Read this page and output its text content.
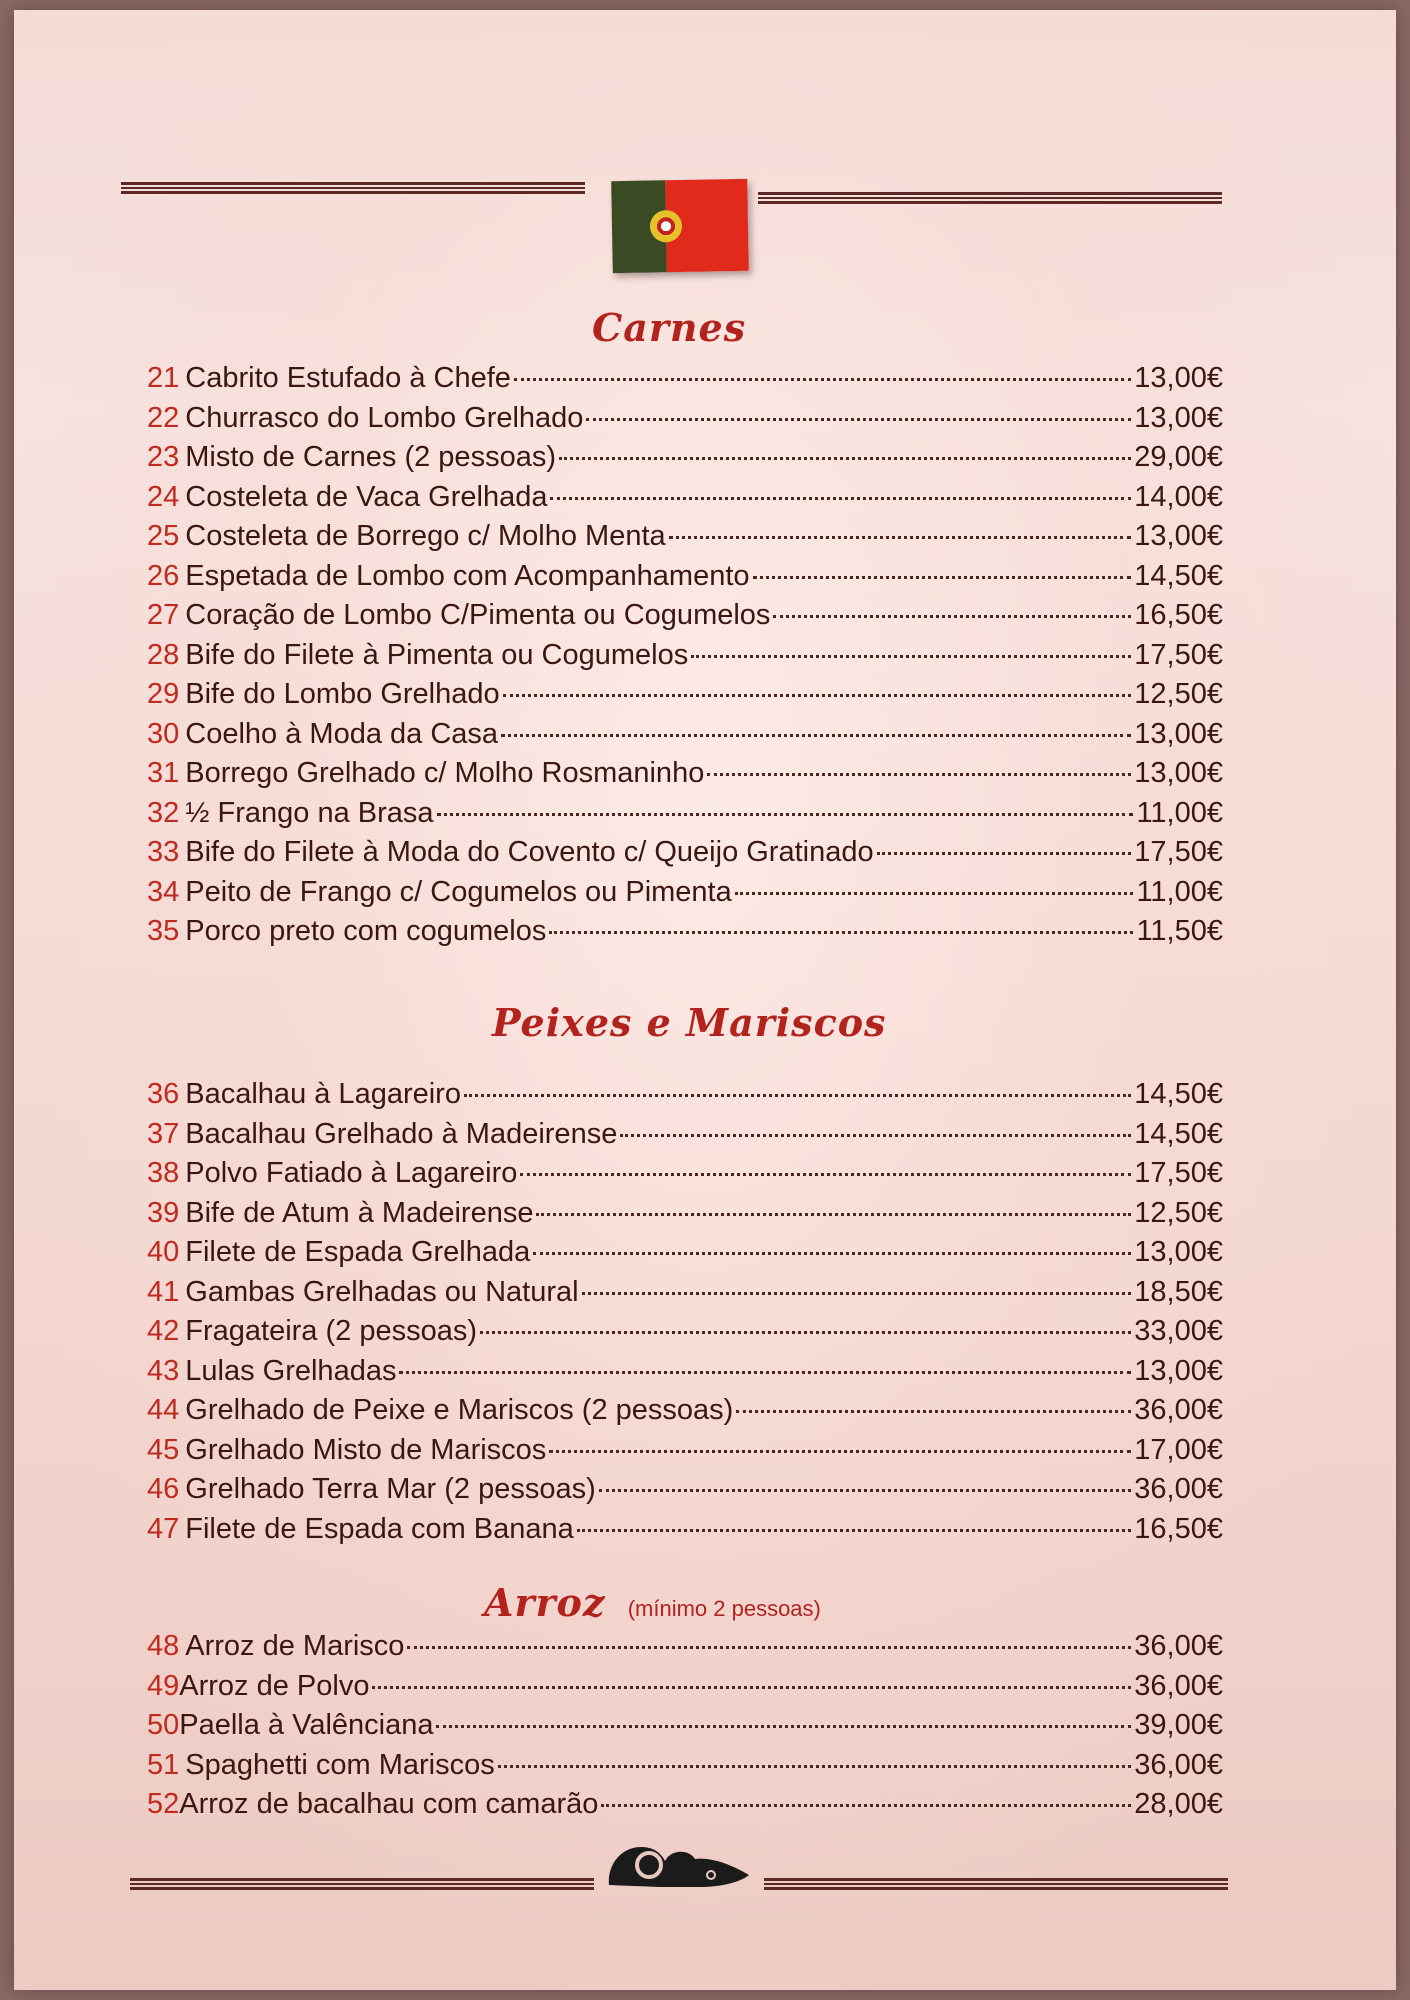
Carnes
21 Cabrito Estufado à Chefe	13,00€
22 Churrasco do Lombo Grelhado	13,00€
23 Misto de Carnes (2 pessoas)	29,00€
24 Costeleta de Vaca Grelhada	14,00€
25 Costeleta de Borrego c/ Molho Menta	13,00€
26 Espetada de Lombo com Acompanhamento	14,50€
27 Coração de Lombo C/Pimenta ou Cogumelos	16,50€
28 Bife do Filete à Pimenta ou Cogumelos	17,50€
29 Bife do Lombo Grelhado	12,50€
30 Coelho à Moda da Casa	13,00€
31 Borrego Grelhado c/ Molho Rosmaninho	13,00€
32 ½ Frango na Brasa	11,00€
33 Bife do Filete à Moda do Covento c/ Queijo Gratinado	17,50€
34 Peito de Frango c/ Cogumelos ou Pimenta	11,00€
35 Porco preto com cogumelos	11,50€
Peixes e Mariscos
36 Bacalhau à Lagareiro	14,50€
37 Bacalhau Grelhado à Madeirense	14,50€
38 Polvo Fatiado à Lagareiro	17,50€
39 Bife de Atum à Madeirense	12,50€
40 Filete de Espada Grelhada	13,00€
41 Gambas Grelhadas ou Natural	18,50€
42 Fragateira (2 pessoas)	33,00€
43 Lulas Grelhadas	13,00€
44 Grelhado de Peixe e Mariscos (2 pessoas)	36,00€
45 Grelhado Misto de Mariscos	17,00€
46 Grelhado Terra Mar (2 pessoas)	36,00€
47 Filete de Espada com Banana	16,50€
Arroz (mínimo 2 pessoas)
48 Arroz de Marisco	36,00€
49 Arroz de Polvo	36,00€
50 Paella à Valênciana	39,00€
51 Spaghetti com Mariscos	36,00€
52 Arroz de bacalhau com camarão	28,00€
